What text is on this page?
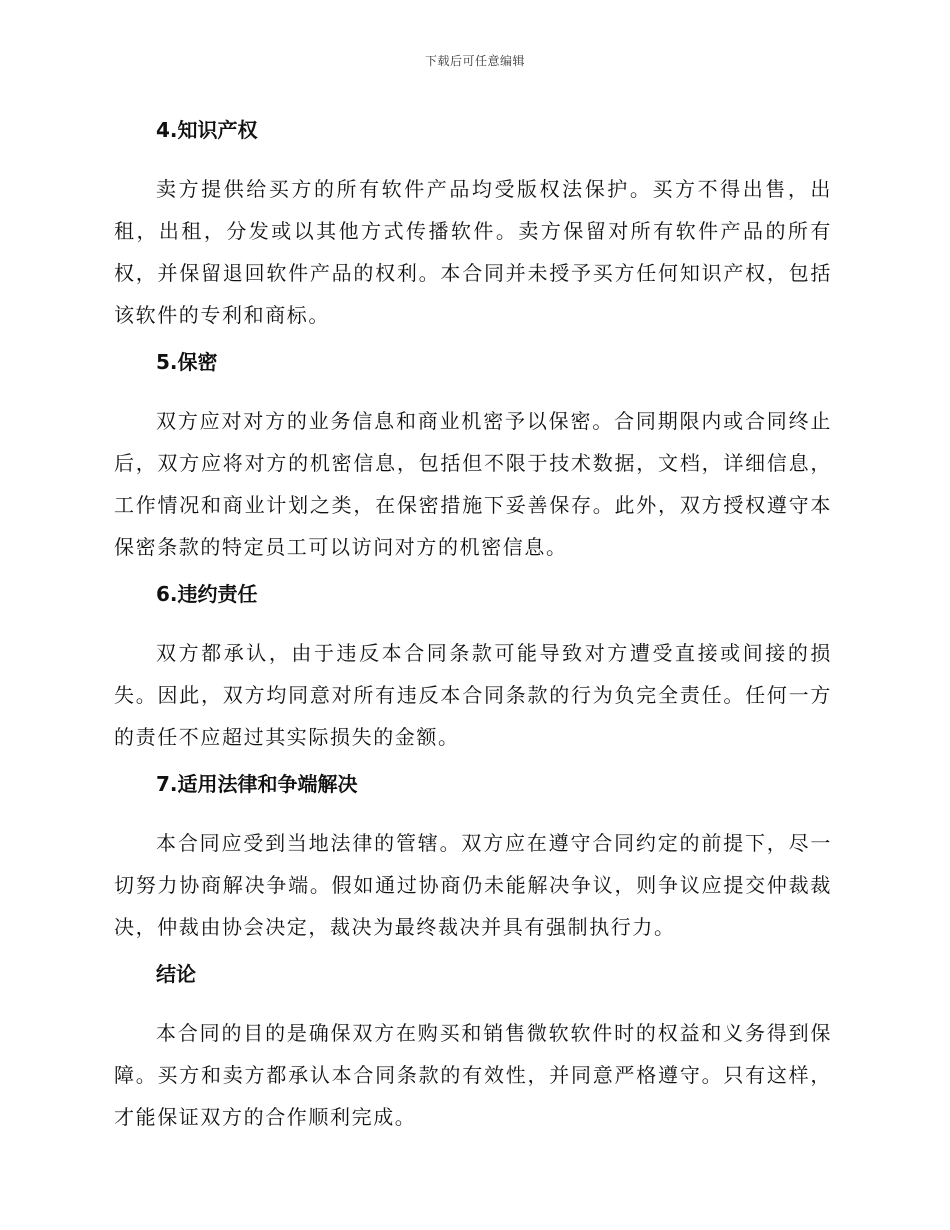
下载后可任意编辑
4.知识产权

卖方提供给买方的所有软件产品均受版权法保护。买方不得出售，出租，出租，分发或以其他方式传播软件。卖方保留对所有软件产品的所有权，并保留退回软件产品的权利。本合同并未授予买方任何知识产权，包括该软件的专利和商标。

5.保密

双方应对对方的业务信息和商业机密予以保密。合同期限内或合同终止后，双方应将对方的机密信息，包括但不限于技术数据，文档，详细信息，工作情况和商业计划之类，在保密措施下妥善保存。此外，双方授权遵守本保密条款的特定员工可以访问对方的机密信息。

6.违约责任

双方都承认，由于违反本合同条款可能导致对方遭受直接或间接的损失。因此，双方均同意对所有违反本合同条款的行为负完全责任。任何一方的责任不应超过其实际损失的金额。

7.适用法律和争端解决

本合同应受到当地法律的管辖。双方应在遵守合同约定的前提下，尽一切努力协商解决争端。假如通过协商仍未能解决争议，则争议应提交仲裁裁决，仲裁由协会决定，裁决为最终裁决并具有强制执行力。

结论

本合同的目的是确保双方在购买和销售微软软件时的权益和义务得到保障。买方和卖方都承认本合同条款的有效性，并同意严格遵守。只有这样，才能保证双方的合作顺利完成。
